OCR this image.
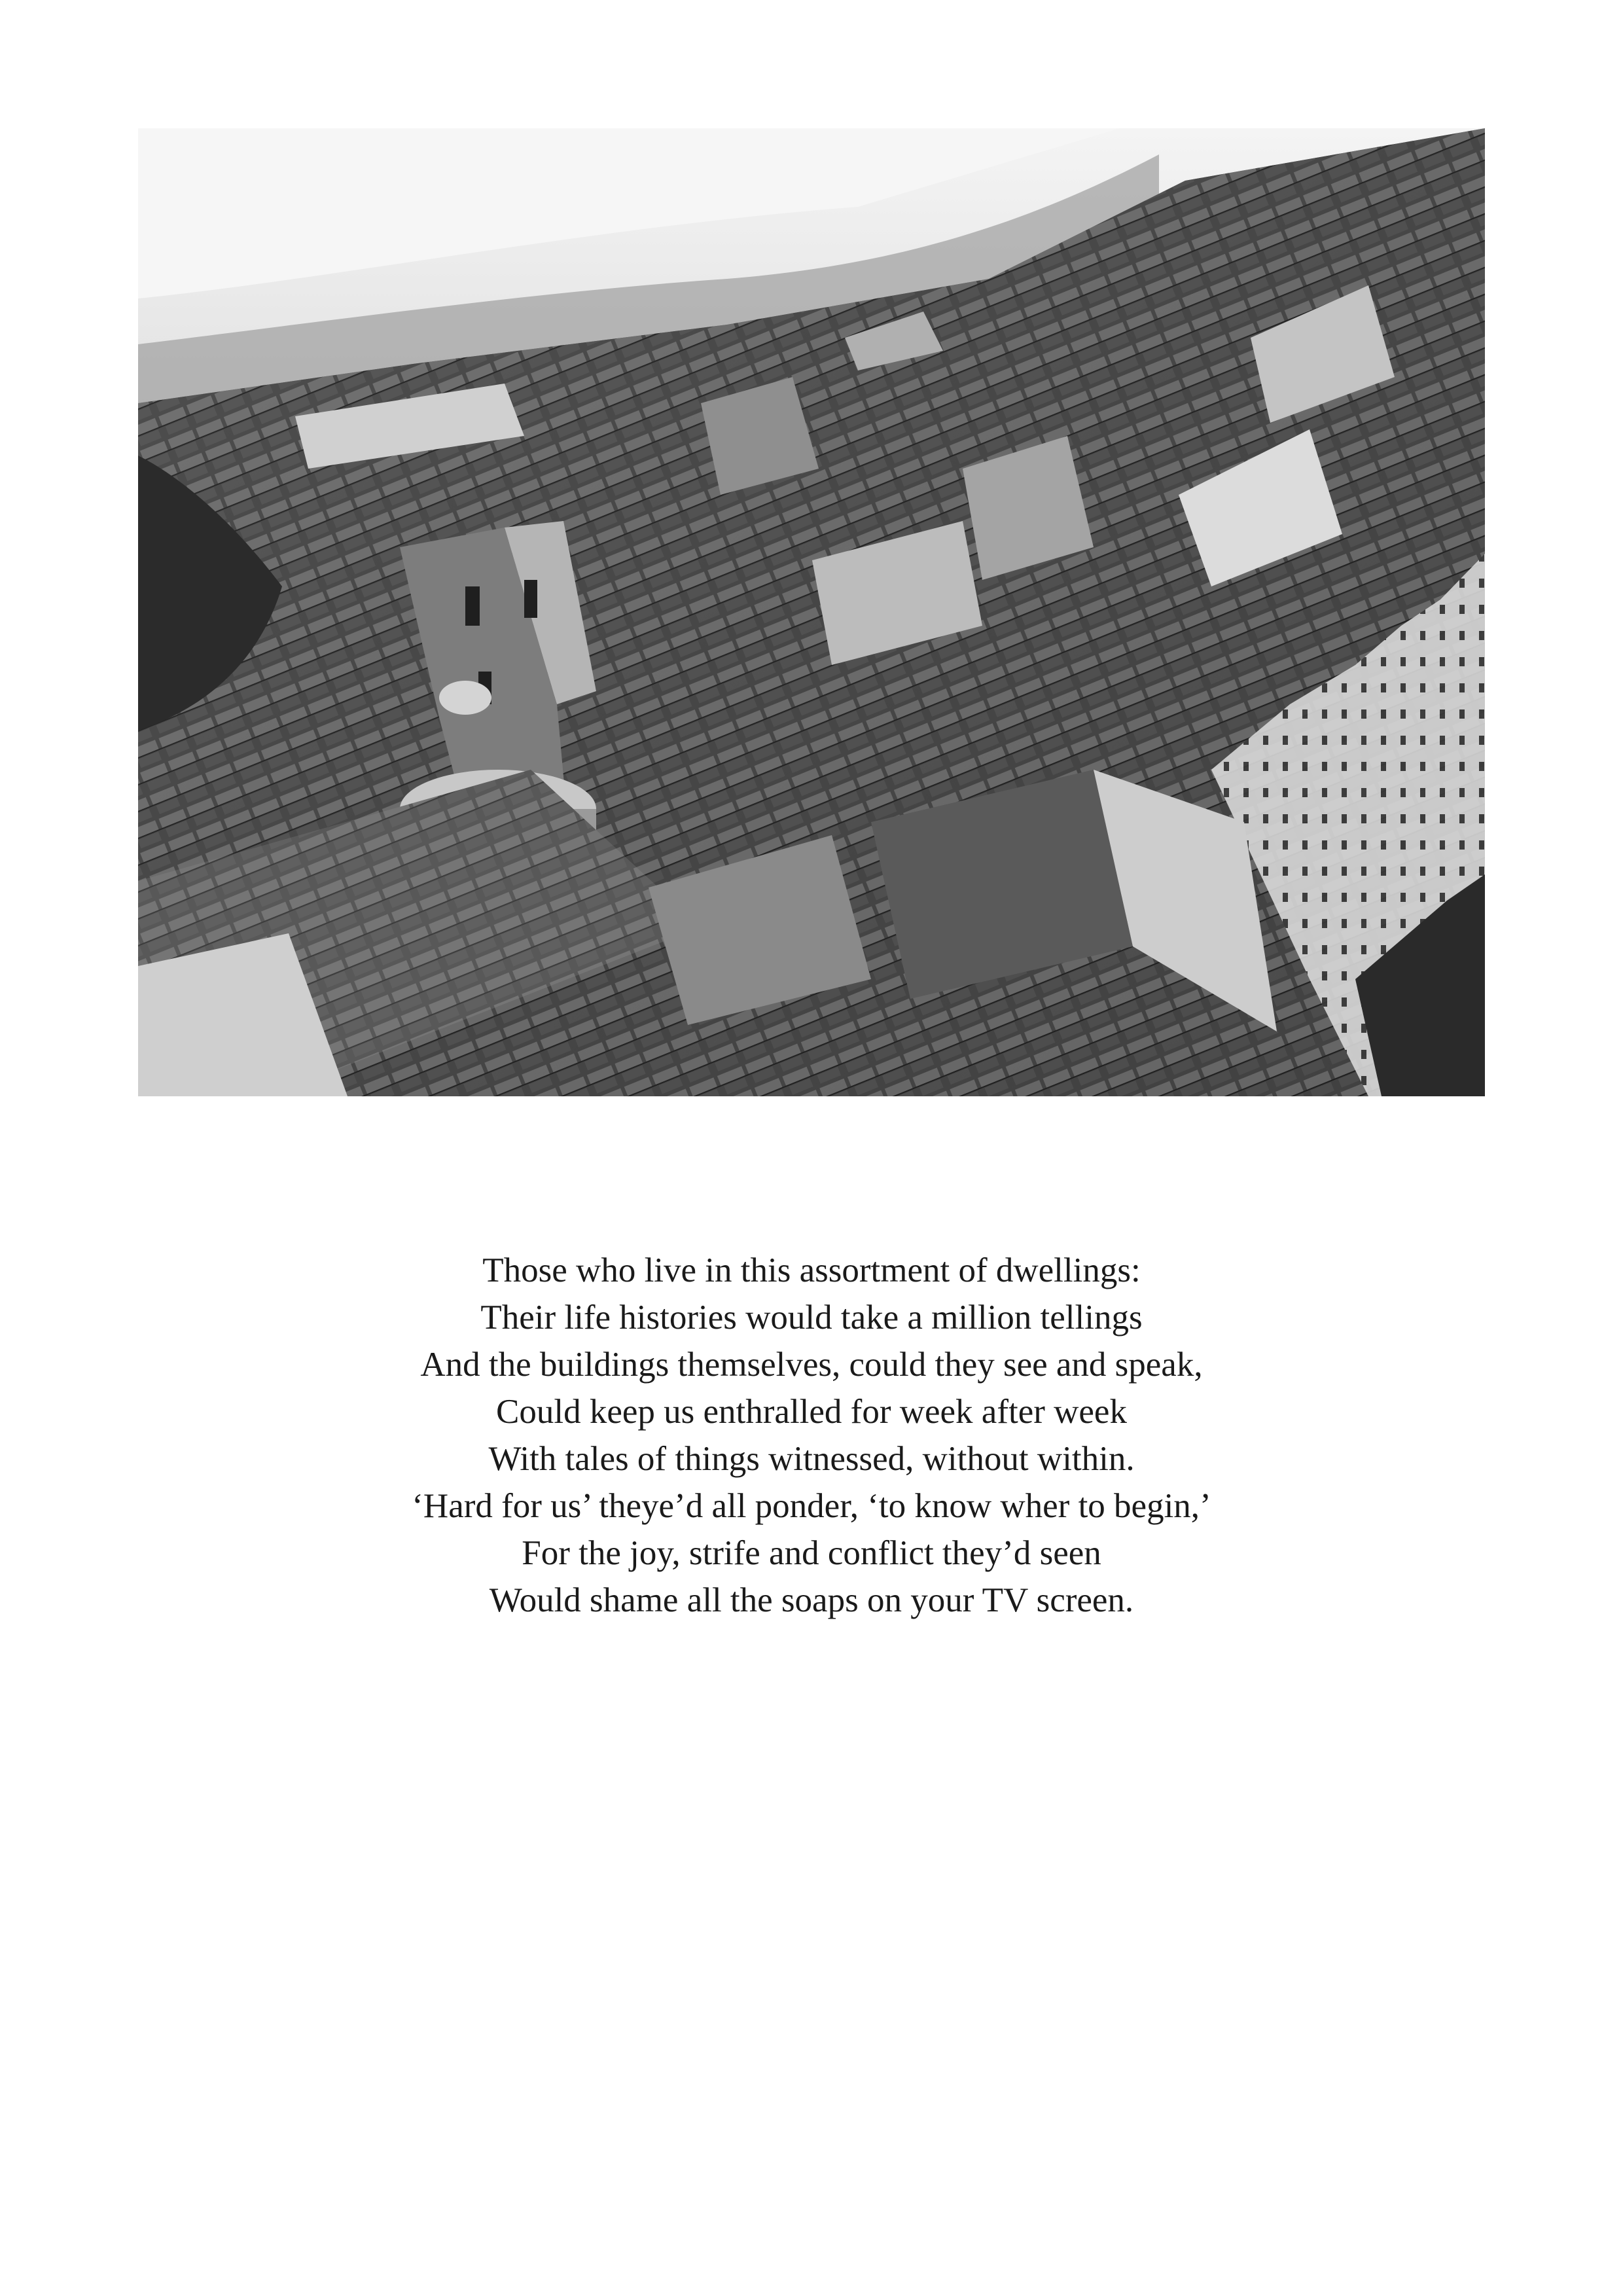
Those who live in this assortment of dwellings:
Their life histories would take a million tellings
And the buildings themselves, could they see and speak,
Could keep us enthralled for week after week
With tales of things witnessed, without within.
‘Hard for us’ theye’d all ponder, ‘to know wher to begin,’
For the joy, strife and conflict they’d seen
Would shame all the soaps on your TV screen.
